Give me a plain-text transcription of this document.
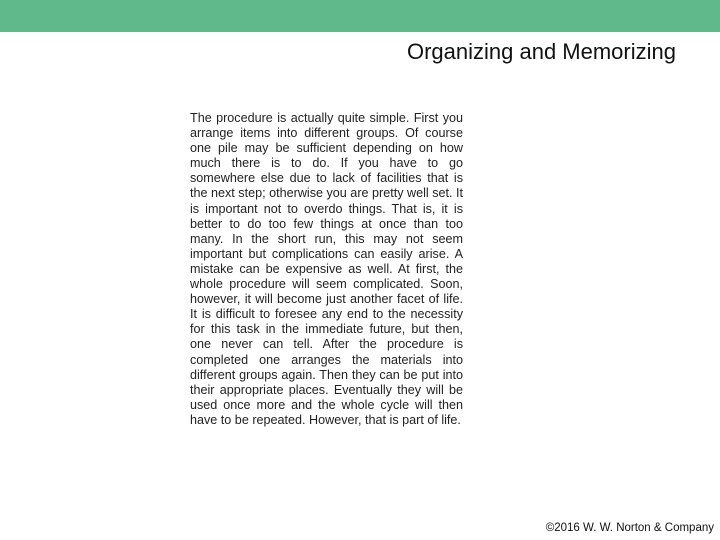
Organizing and Memorizing

The procedure is actually quite simple. First you arrange items into different groups. Of course one pile may be sufficient depending on how much there is to do. If you have to go somewhere else due to lack of facilities that is the next step; otherwise you are pretty well set. It is important not to overdo things. That is, it is better to do too few things at once than too many. In the short run, this may not seem important but complications can easily arise. A mistake can be expensive as well. At first, the whole procedure will seem complicated. Soon, however, it will become just another facet of life. It is difficult to foresee any end to the necessity for this task in the immediate future, but then, one never can tell. After the procedure is completed one arranges the materials into different groups again. Then they can be put into their appropriate places. Eventually they will be used once more and the whole cycle will then have to be repeated. However, that is part of life.

©2016 W. W. Norton & Company
